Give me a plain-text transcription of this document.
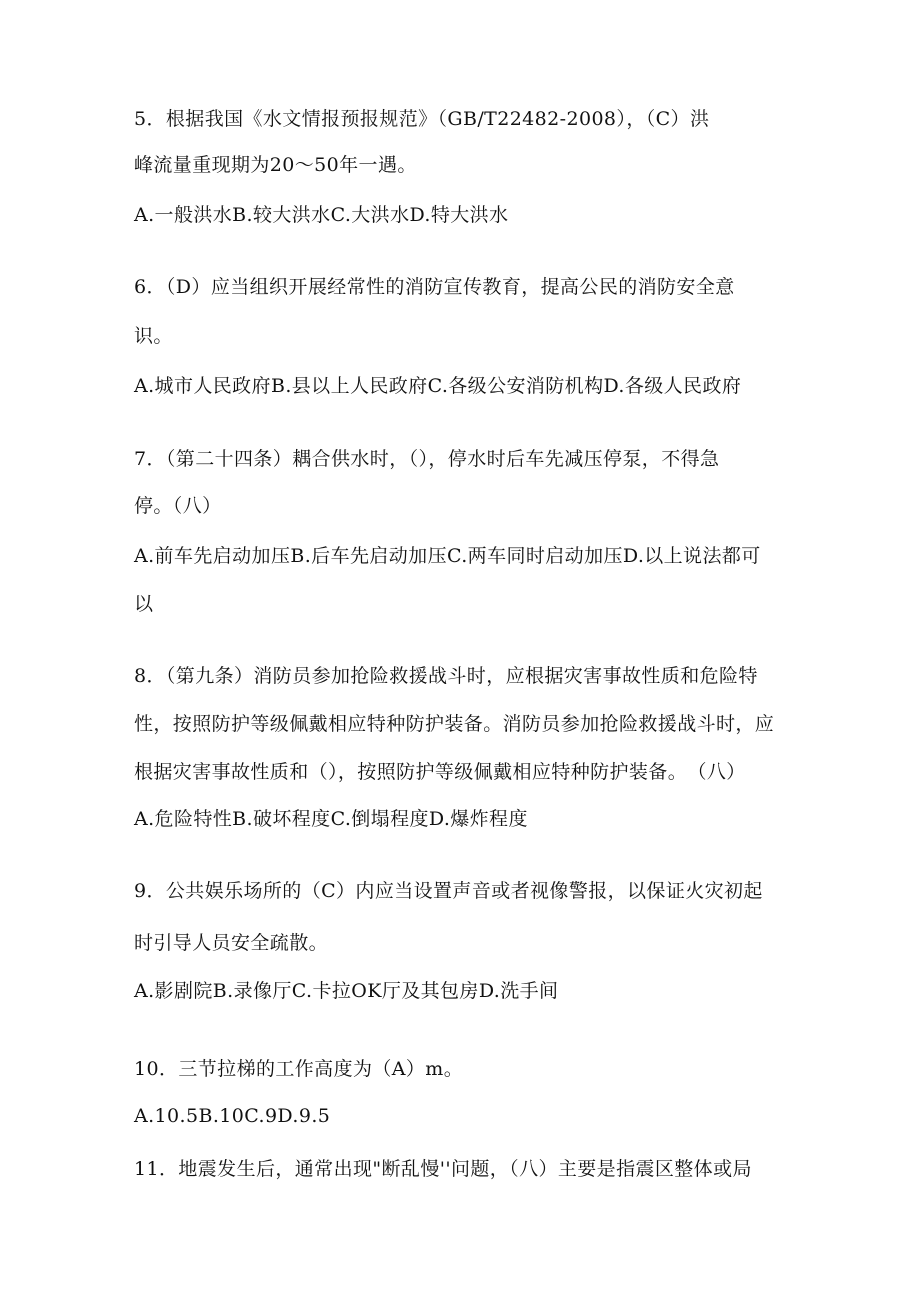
5．根据我国《水文情报预报规范》（GB/T22482-2008），（C）洪
峰流量重现期为20～50年一遇。
A.一般洪水B.较大洪水C.大洪水D.特大洪水
6．（D）应当组织开展经常性的消防宣传教育，提高公民的消防安全意
识。
A.城市人民政府B.县以上人民政府C.各级公安消防机构D.各级人民政府
7．（第二十四条）耦合供水时，（），停水时后车先减压停泵，不得急
停。（八）
A.前车先启动加压B.后车先启动加压C.两车同时启动加压D.以上说法都可
以
8．（第九条）消防员参加抢险救援战斗时，应根据灾害事故性质和危险特
性，按照防护等级佩戴相应特种防护装备。消防员参加抢险救援战斗时，应
根据灾害事故性质和（），按照防护等级佩戴相应特种防护装备。　（八）
A.危险特性B.破坏程度C.倒塌程度D.爆炸程度
9．公共娱乐场所的（C）内应当设置声音或者视像警报，以保证火灾初起
时引导人员安全疏散。
A.影剧院B.录像厅C.卡拉OK厅及其包房D.洗手间
10．三节拉梯的工作高度为（A）m。
A.10.5B.10C.9D.9.5
11．地震发生后，通常出现"断乱慢''问题，（八）主要是指震区整体或局
